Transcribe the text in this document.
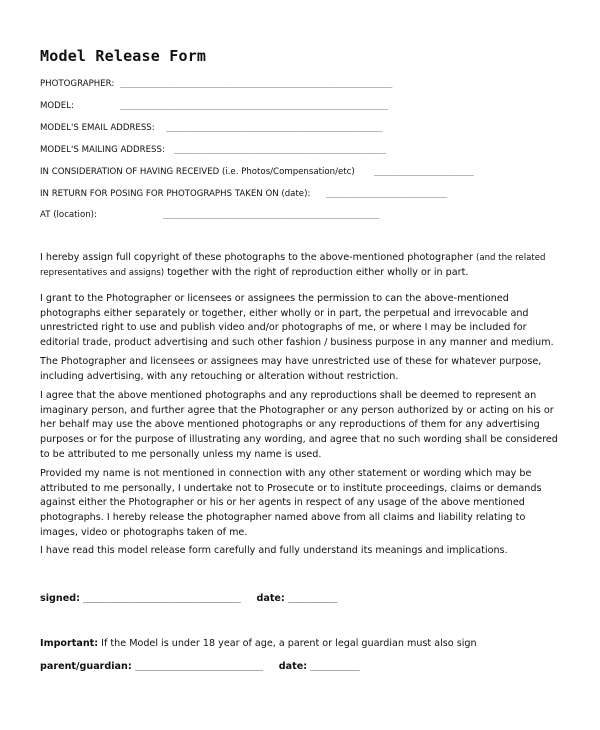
Model Release Form
PHOTOGRAPHER: _______________________________________________________________
MODEL:	______________________________________________________________
MODEL'S EMAIL ADDRESS: __________________________________________________
MODEL'S MAILING ADDRESS: _________________________________________________
IN CONSIDERATION OF HAVING RECEIVED (i.e. Photos/Compensation/etc) _______________________
IN RETURN FOR POSING FOR PHOTOGRAPHS TAKEN ON (date): ____________________________
AT (location):	__________________________________________________

I hereby assign full copyright of these photographs to the above-mentioned photographer (and the related representatives and assigns) together with the right of reproduction either wholly or in part.

I grant to the Photographer or licensees or assignees the permission to can the above-mentioned photographs either separately or together, either wholly or in part, the perpetual and irrevocable and unrestricted right to use and publish video and/or photographs of me, or where I may be included for editorial trade, product advertising and such other fashion / business purpose in any manner and medium.

The Photographer and licensees or assignees may have unrestricted use of these for whatever purpose, including advertising, with any retouching or alteration without restriction.

I agree that the above mentioned photographs and any reproductions shall be deemed to represent an imaginary person, and further agree that the Photographer or any person authorized by or acting on his or her behalf may use the above mentioned photographs or any reproductions of them for any advertising purposes or for the purpose of illustrating any wording, and agree that no such wording shall be considered to be attributed to me personally unless my name is used.

Provided my name is not mentioned in connection with any other statement or wording which may be attributed to me personally, I undertake not to Prosecute or to institute proceedings, claims or demands against either the Photographer or his or her agents in respect of any usage of the above mentioned photographs. I hereby release the photographer named above from all claims and liability relating to images, video or photographs taken of me.

I have read this model release form carefully and fully understand its meanings and implications.

signed: ________________________________ date: __________
Important: If the Model is under 18 year of age, a parent or legal guardian must also sign
parent/guardian: __________________________ date: __________
